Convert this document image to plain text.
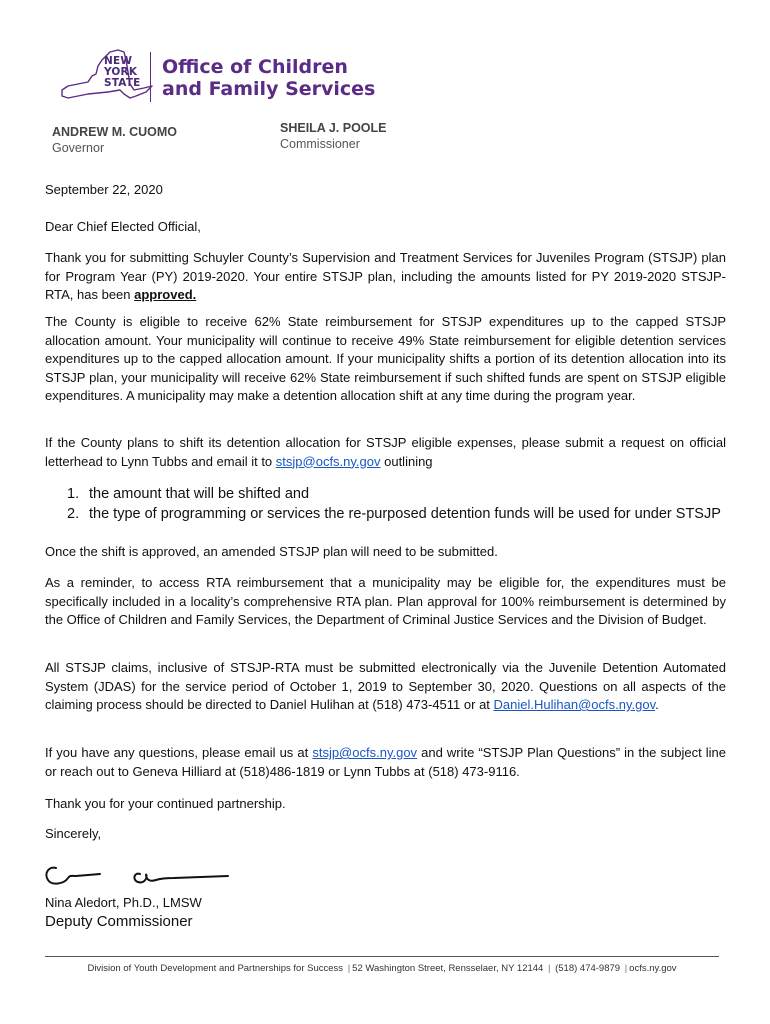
NEW
YORK
STATE
Office of Children
and Family Services
ANDREW M. CUOMO
Governor
SHEILA J. POOLE
Commissioner
September 22, 2020
Dear Chief Elected Official,
Thank you for submitting Schuyler County’s Supervision and Treatment Services for Juveniles Program (STSJP) plan for Program Year (PY) 2019-2020. Your entire STSJP plan, including the amounts listed for PY 2019-2020 STSJP-RTA, has been approved.
The County is eligible to receive 62% State reimbursement for STSJP expenditures up to the capped STSJP allocation amount. Your municipality will continue to receive 49% State reimbursement for eligible detention services expenditures up to the capped allocation amount. If your municipality shifts a portion of its detention allocation into its STSJP plan, your municipality will receive 62% State reimbursement if such shifted funds are spent on STSJP eligible expenditures. A municipality may make a detention allocation shift at any time during the program year.
If the County plans to shift its detention allocation for STSJP eligible expenses, please submit a request on official letterhead to Lynn Tubbs and email it to stsjp@ocfs.ny.gov outlining
1. the amount that will be shifted and
2. the type of programming or services the re-purposed detention funds will be used for under STSJP
Once the shift is approved, an amended STSJP plan will need to be submitted.
As a reminder, to access RTA reimbursement that a municipality may be eligible for, the expenditures must be specifically included in a locality’s comprehensive RTA plan. Plan approval for 100% reimbursement is determined by the Office of Children and Family Services, the Department of Criminal Justice Services and the Division of Budget.
All STSJP claims, inclusive of STSJP-RTA must be submitted electronically via the Juvenile Detention Automated System (JDAS) for the service period of October 1, 2019 to September 30, 2020. Questions on all aspects of the claiming process should be directed to Daniel Hulihan at (518) 473-4511 or at Daniel.Hulihan@ocfs.ny.gov.
If you have any questions, please email us at stsjp@ocfs.ny.gov and write “STSJP Plan Questions” in the subject line or reach out to Geneva Hilliard at (518)486-1819 or Lynn Tubbs at (518) 473-9116.
Thank you for your continued partnership.
Sincerely,
Nina Aledort, Ph.D., LMSW
Deputy Commissioner
Division of Youth Development and Partnerships for Success | 52 Washington Street, Rensselaer, NY 12144 | (518) 474-9879 | ocfs.ny.gov
